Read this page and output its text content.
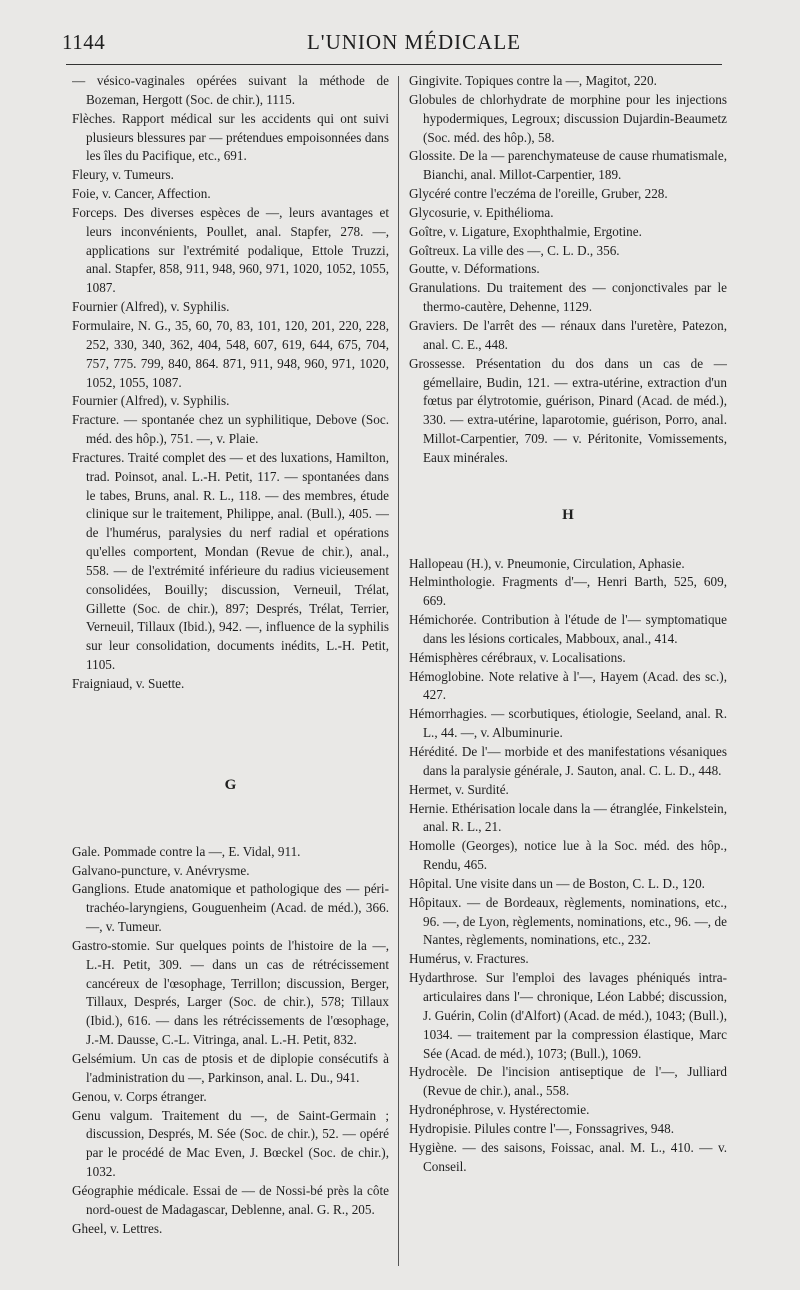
1144	L'UNION MÉDICALE

— vésico-vaginales opérées suivant la méthode de Bozeman, Hergott (Soc. de chir.), 1115.

Flèches. Rapport médical sur les accidents qui ont suivi plusieurs blessures par — prétendues empoisonnées dans les îles du Pacifique, etc., 691.

Fleury, v. Tumeurs.

Foie, v. Cancer, Affection.

Forceps. Des diverses espèces de —, leurs avantages et leurs inconvénients, Poullet, anal. Stapfer, 278. —, applications sur l'extrémité podalique, Ettole Truzzi, anal. Stapfer, 858, 911, 948, 960, 971, 1020, 1052, 1055, 1087.

Fournier (Alfred), v. Syphilis.

Formulaire, N. G., 35, 60, 70, 83, 101, 120, 201, 220, 228, 252, 330, 340, 362, 404, 548, 607, 619, 644, 675, 704, 757, 775. 799, 840, 864. 871, 911, 948, 960, 971, 1020, 1052, 1055, 1087.

Fournier (Alfred), v. Syphilis.

Fracture. — spontanée chez un syphilitique, Debove (Soc. méd. des hôp.), 751. —, v. Plaie.

Fractures. Traité complet des — et des luxations, Hamilton, trad. Poinsot, anal. L.-H. Petit, 117. — spontanées dans le tabes, Bruns, anal. R. L., 118. — des membres, étude clinique sur le traitement, Philippe, anal. (Bull.), 405. — de l'humérus, paralysies du nerf radial et opérations qu'elles comportent, Mondan (Revue de chir.), anal., 558. — de l'extrémité inférieure du radius vicieusement consolidées, Bouilly; discussion, Verneuil, Trélat, Gillette (Soc. de chir.), 897; Després, Trélat, Terrier, Verneuil, Tillaux (Ibid.), 942. —, influence de la syphilis sur leur consolidation, documents inédits, L.-H. Petit, 1105.

Fraigniaud, v. Suette.

G

Gale. Pommade contre la —, E. Vidal, 911.

Galvano-puncture, v. Anévrysme.

Ganglions. Etude anatomique et pathologique des — péri-trachéo-laryngiens, Gouguenheim (Acad. de méd.), 366. —, v. Tumeur.

Gastro-stomie. Sur quelques points de l'histoire de la —, L.-H. Petit, 309. — dans un cas de rétrécissement cancéreux de l'œsophage, Terrillon; discussion, Berger, Tillaux, Després, Larger (Soc. de chir.), 578; Tillaux (Ibid.), 616. — dans les rétrécissements de l'œsophage, J.-M. Dausse, C.-L. Vitringa, anal. L.-H. Petit, 832.

Gelsémium. Un cas de ptosis et de diplopie consécutifs à l'administration du —, Parkinson, anal. L. Du., 941.

Genou, v. Corps étranger.

Genu valgum. Traitement du —, de Saint-Germain ; discussion, Després, M. Sée (Soc. de chir.), 52. — opéré par le procédé de Mac Even, J. Bœckel (Soc. de chir.), 1032.

Géographie médicale. Essai de — de Nossi-bé près la côte nord-ouest de Madagascar, Deblenne, anal. G. R., 205.

Gheel, v. Lettres.

Gingivite. Topiques contre la —, Magitot, 220.

Globules de chlorhydrate de morphine pour les injections hypodermiques, Legroux; discussion Dujardin-Beaumetz (Soc. méd. des hôp.), 58.

Glossite. De la — parenchymateuse de cause rhumatismale, Bianchi, anal. Millot-Carpentier, 189.

Glycéré contre l'eczéma de l'oreille, Gruber, 228.

Glycosurie, v. Epithélioma.

Goître, v. Ligature, Exophthalmie, Ergotine.

Goîtreux. La ville des —, C. L. D., 356.

Goutte, v. Déformations.

Granulations. Du traitement des — conjonctivales par le thermo-cautère, Dehenne, 1129.

Graviers. De l'arrêt des — rénaux dans l'uretère, Patezon, anal. C. E., 448.

Grossesse. Présentation du dos dans un cas de — gémellaire, Budin, 121. — extra-utérine, extraction d'un fœtus par élytrotomie, guérison, Pinard (Acad. de méd.), 330. — extra-utérine, laparotomie, guérison, Porro, anal. Millot-Carpentier, 709. — v. Péritonite, Vomissements, Eaux minérales.

H

Hallopeau (H.), v. Pneumonie, Circulation, Aphasie.

Helminthologie. Fragments d'—, Henri Barth, 525, 609, 669.

Hémichorée. Contribution à l'étude de l'— symptomatique dans les lésions corticales, Mabboux, anal., 414.

Hémisphères cérébraux, v. Localisations.

Hémoglobine. Note relative à l'—, Hayem (Acad. des sc.), 427.

Hémorrhagies. — scorbutiques, étiologie, Seeland, anal. R. L., 44. —, v. Albuminurie.

Hérédité. De l'— morbide et des manifestations vésaniques dans la paralysie générale, J. Sauton, anal. C. L. D., 448.

Hermet, v. Surdité.

Hernie. Ethérisation locale dans la — étranglée, Finkelstein, anal. R. L., 21.

Homolle (Georges), notice lue à la Soc. méd. des hôp., Rendu, 465.

Hôpital. Une visite dans un — de Boston, C. L. D., 120.

Hôpitaux. — de Bordeaux, règlements, nominations, etc., 96. —, de Lyon, règlements, nominations, etc., 96. —, de Nantes, règlements, nominations, etc., 232.

Humérus, v. Fractures.

Hydarthrose. Sur l'emploi des lavages phéniqués intra-articulaires dans l'— chronique, Léon Labbé; discussion, J. Guérin, Colin (d'Alfort) (Acad. de méd.), 1043; (Bull.), 1034. — traitement par la compression élastique, Marc Sée (Acad. de méd.), 1073; (Bull.), 1069.

Hydrocèle. De l'incision antiseptique de l'—, Julliard (Revue de chir.), anal., 558.

Hydronéphrose, v. Hystérectomie.

Hydropisie. Pilules contre l'—, Fonssagrives, 948.

Hygiène. — des saisons, Foissac, anal. M. L., 410. — v. Conseil.
